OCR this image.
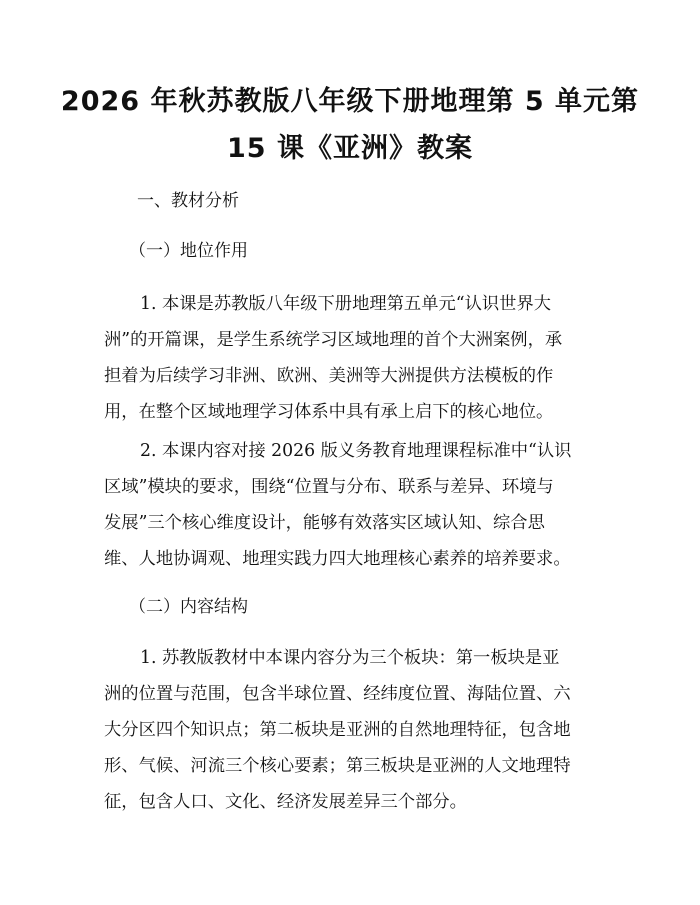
2026 年秋苏教版八年级下册地理第 5 单元第
15 课《亚洲》教案
一、教材分析
（一）地位作用
1. 本课是苏教版八年级下册地理第五单元“认识世界大
洲”的开篇课，是学生系统学习区域地理的首个大洲案例，承
担着为后续学习非洲、欧洲、美洲等大洲提供方法模板的作
用，在整个区域地理学习体系中具有承上启下的核心地位。
2. 本课内容对接 2026 版义务教育地理课程标准中“认识
区域”模块的要求，围绕“位置与分布、联系与差异、环境与
发展”三个核心维度设计，能够有效落实区域认知、综合思
维、人地协调观、地理实践力四大地理核心素养的培养要求。
（二）内容结构
1. 苏教版教材中本课内容分为三个板块：第一板块是亚
洲的位置与范围，包含半球位置、经纬度位置、海陆位置、六
大分区四个知识点；第二板块是亚洲的自然地理特征，包含地
形、气候、河流三个核心要素；第三板块是亚洲的人文地理特
征，包含人口、文化、经济发展差异三个部分。
